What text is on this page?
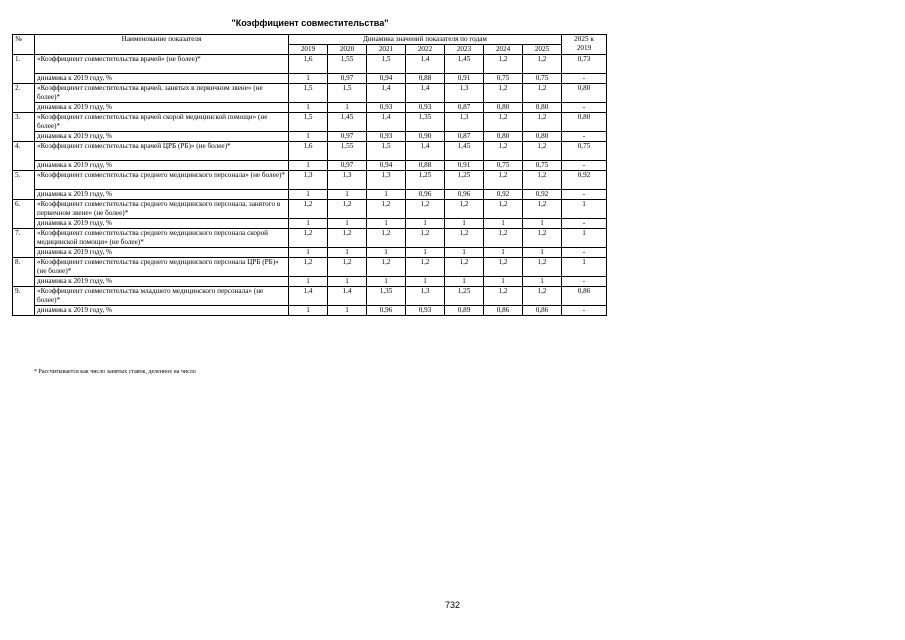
"Коэффициент совместительства"
№	Наименование показателя	Динамика значений показателя по годам							2025 к
2019

		2019	2020	2021	2022	2023	2024	2025	
1.	«Коэффициент совместительства врачей» (не более)*	1,6	1,55	1,5	1,4	1,45	1,2	1,2	0,73
	динамика к 2019 году, %	1	0,97	0,94	0,88	0,91	0,75	0,75	-
2.	«Коэффициент совместительства врачей, занятых в первичном звене» (не более)*	1,5	1,5	1,4	1,4	1,3	1,2	1,2	0,80
	динамика к 2019 году, %	1	1	0,93	0,93	0,87	0,80	0,80	-
3.	«Коэффициент совместительства врачей скорой медицинской помощи» (не более)*	1,5	1,45	1,4	1,35	1,3	1,2	1,2	0,80
	динамика к 2019 году, %	1	0,97	0,93	0,90	0,87	0,80	0,80	-
4.	«Коэффициент совместительства врачей ЦРБ (РБ)» (не более)*	1,6	1,55	1,5	1,4	1,45	1,2	1,2	0,75
	динамика к 2019 году, %	1	0,97	0,94	0,88	0,91	0,75	0,75	-
5.	«Коэффициент совместительства среднего медицинского персонала» (не более)*	1,3	1,3	1,3	1,25	1,25	1,2	1,2	0,92
	динамика к 2019 году, %	1	1	1	0,96	0,96	0,92	0,92	-
6.	«Коэффициент совместительства среднего медицинского персонала, занятого в первичном звене» (не более)*	1,2	1,2	1,2	1,2	1,2	1,2	1,2	1
	динамика к 2019 году, %	1	1	1	1	1	1	1	-
7.	«Коэффициент совместительства среднего медицинского персонала скорой медицинской помощи» (не более)*	1,2	1,2	1,2	1,2	1,2	1,2	1,2	1
	динамика к 2019 году, %	1	1	1	1	1	1	1	-
8.	«Коэффициент совместительства среднего медицинского персонала ЦРБ (РБ)» (не более)*	1,2	1,2	1,2	1,2	1,2	1,2	1,2	1
	динамика к 2019 году, %	1	1	1	1	1	1	1	-
9.	«Коэффициент совместительства младшего медицинского персонала» (не более)*	1,4	1,4	1,35	1,3	1,25	1,2	1,2	0,86
	динамика к 2019 году, %	1	1	0,96	0,93	0,89	0,86	0,86	-
* Рассчитывается как число занятых ставок, деленное на число
732
